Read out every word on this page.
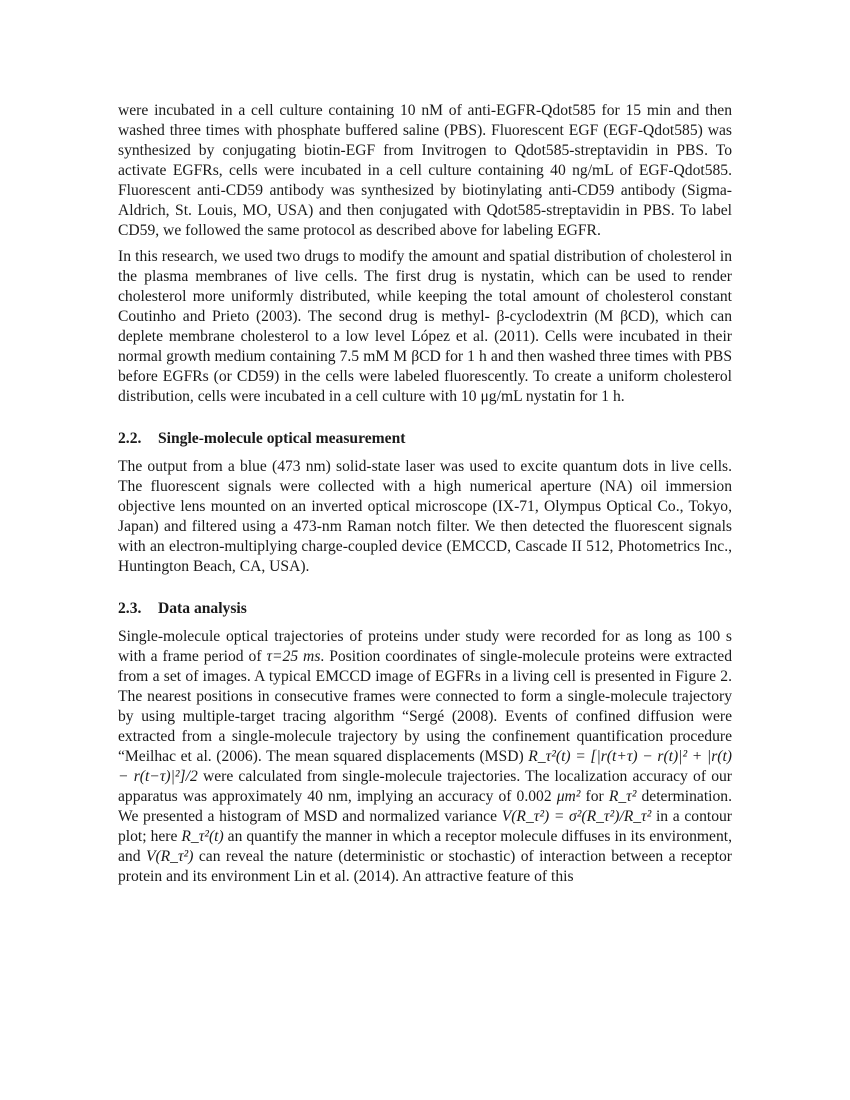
were incubated in a cell culture containing 10 nM of anti-EGFR-Qdot585 for 15 min and then washed three times with phosphate buffered saline (PBS). Fluorescent EGF (EGF-Qdot585) was synthesized by conjugating biotin-EGF from Invitrogen to Qdot585-streptavidin in PBS. To activate EGFRs, cells were incubated in a cell culture containing 40 ng/mL of EGF-Qdot585. Fluorescent anti-CD59 antibody was synthesized by biotinylating anti-CD59 antibody (Sigma-Aldrich, St. Louis, MO, USA) and then conjugated with Qdot585-streptavidin in PBS. To label CD59, we followed the same protocol as described above for labeling EGFR.

In this research, we used two drugs to modify the amount and spatial distribution of cholesterol in the plasma membranes of live cells. The first drug is nystatin, which can be used to render cholesterol more uniformly distributed, while keeping the total amount of cholesterol constant Coutinho and Prieto (2003). The second drug is methyl- β-cyclodextrin (M βCD), which can deplete membrane cholesterol to a low level López et al. (2011). Cells were incubated in their normal growth medium containing 7.5 mM M βCD for 1 h and then washed three times with PBS before EGFRs (or CD59) in the cells were labeled fluorescently. To create a uniform cholesterol distribution, cells were incubated in a cell culture with 10 μg/mL nystatin for 1 h.

2.2. Single-molecule optical measurement

The output from a blue (473 nm) solid-state laser was used to excite quantum dots in live cells. The fluorescent signals were collected with a high numerical aperture (NA) oil immersion objective lens mounted on an inverted optical microscope (IX-71, Olympus Optical Co., Tokyo, Japan) and filtered using a 473-nm Raman notch filter. We then detected the fluorescent signals with an electron-multiplying charge-coupled device (EMCCD, Cascade II 512, Photometrics Inc., Huntington Beach, CA, USA).

2.3. Data analysis

Single-molecule optical trajectories of proteins under study were recorded for as long as 100 s with a frame period of τ=25 ms. Position coordinates of single-molecule proteins were extracted from a set of images. A typical EMCCD image of EGFRs in a living cell is presented in Figure 2. The nearest positions in consecutive frames were connected to form a single-molecule trajectory by using multiple-target tracing algorithm “Sergé (2008). Events of confined diffusion were extracted from a single-molecule trajectory by using the confinement quantification procedure “Meilhac et al. (2006). The mean squared displacements (MSD) R_τ²(t) = [|r(t+τ) − r(t)|² + |r(t) − r(t−τ)|²]/2 were calculated from single-molecule trajectories. The localization accuracy of our apparatus was approximately 40 nm, implying an accuracy of 0.002 μm² for R_τ² determination. We presented a histogram of MSD and normalized variance V(R_τ²) = σ²(R_τ²)/R_τ² in a contour plot; here R_τ²(t) an quantify the manner in which a receptor molecule diffuses in its environment, and V(R_τ²) can reveal the nature (deterministic or stochastic) of interaction between a receptor protein and its environment Lin et al. (2014). An attractive feature of this
